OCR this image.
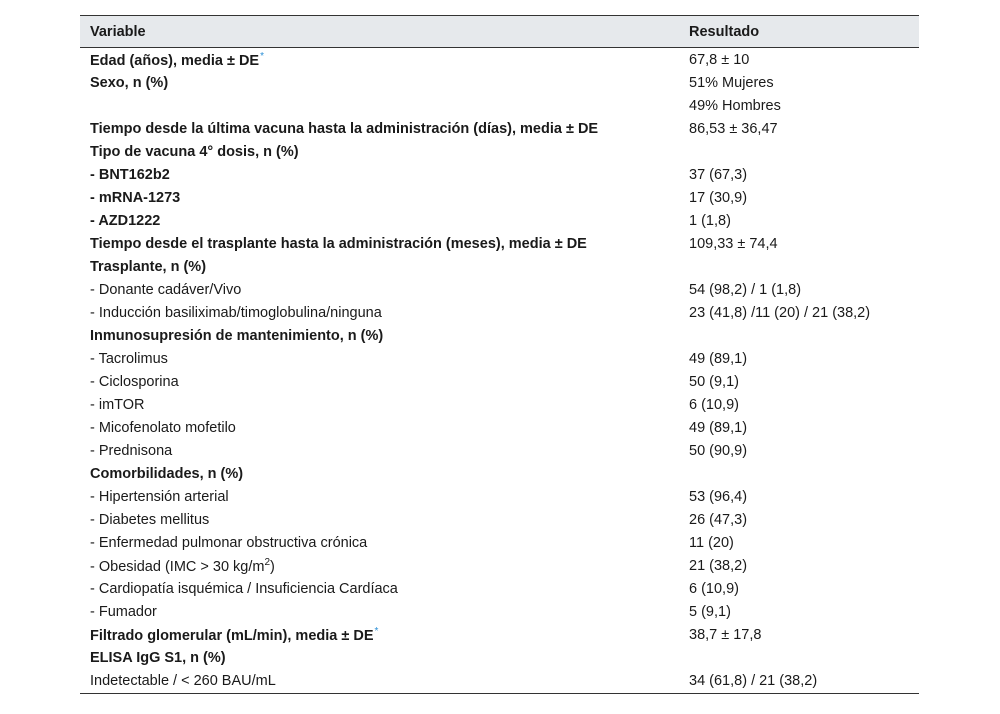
Variable	Resultado
Edad (años), media ± DE*	67,8 ± 10
Sexo, n (%)	51% Mujeres
	49% Hombres
Tiempo desde la última vacuna hasta la administración (días), media ± DE	86,53 ± 36,47
Tipo de vacuna 4° dosis, n (%)	
- BNT162b2	37 (67,3)
- mRNA-1273	17 (30,9)
- AZD1222	1 (1,8)
Tiempo desde el trasplante hasta la administración (meses), media ± DE	109,33 ± 74,4
Trasplante, n (%)	
- Donante cadáver/Vivo	54 (98,2) / 1 (1,8)
- Inducción basiliximab/timoglobulina/ninguna	23 (41,8) /11 (20) / 21 (38,2)
Inmunosupresión de mantenimiento, n (%)	
- Tacrolimus	49 (89,1)
- Ciclosporina	50 (9,1)
- imTOR	6 (10,9)
- Micofenolato mofetilo	49 (89,1)
- Prednisona	50 (90,9)
Comorbilidades, n (%)	
- Hipertensión arterial	53 (96,4)
- Diabetes mellitus	26 (47,3)
- Enfermedad pulmonar obstructiva crónica	11 (20)
- Obesidad (IMC > 30 $kg/m^2$)	21 (38,2)
- Cardiopatía isquémica / Insuficiencia Cardíaca	6 (10,9)
- Fumador	5 (9,1)
Filtrado glomerular (mL/min), media ± DE*	38,7 ± 17,8
ELISA IgG S1, n (%)	
Indetectable / < 260 BAU/mL	34 (61,8) / 21 (38,2)
